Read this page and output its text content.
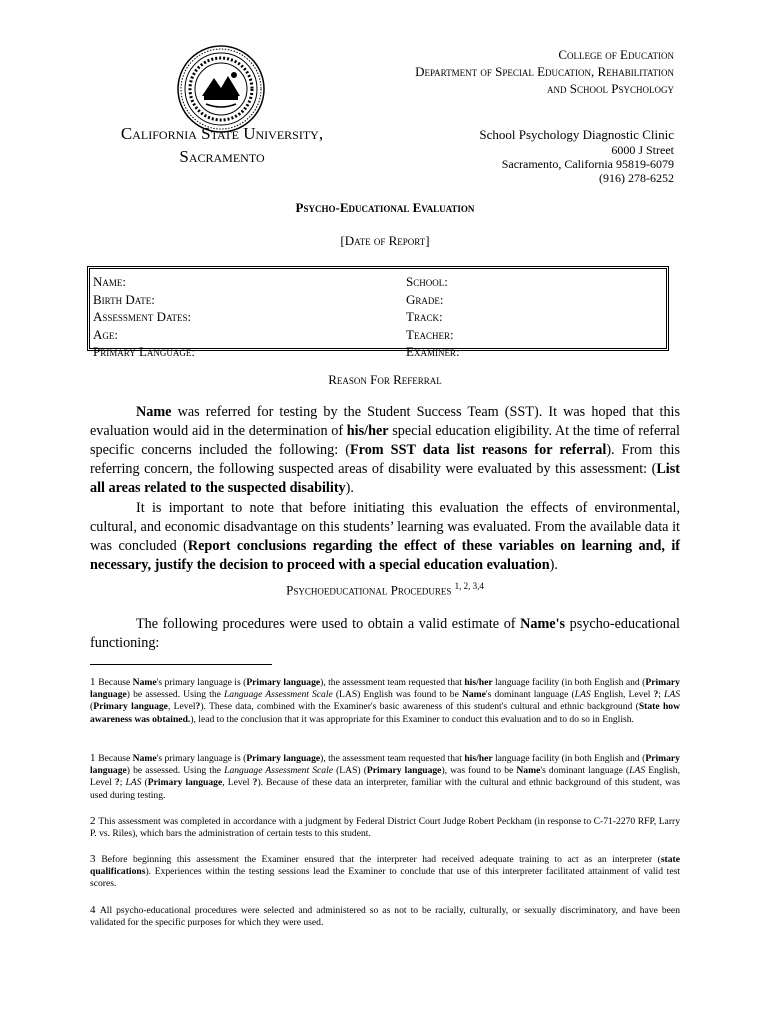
College of Education
Department of Special Education, Rehabilitation
and School Psychology
California State University,
Sacramento
School Psychology Diagnostic Clinic
6000 J Street
Sacramento, California 95819-6079
(916) 278-6252
Psycho-Educational Evaluation
[Date of Report]
Name:
Birth Date:
Assessment Dates:
Age:
Primary Language:
School:
Grade:
Track:
Teacher:
Examiner:
Reason For Referral
Name was referred for testing by the Student Success Team (SST). It was hoped that this evaluation would aid in the determination of his/her special education eligibility. At the time of referral specific concerns included the following: (From SST data list reasons for referral). From this referring concern, the following suspected areas of disability were evaluated by this assessment: (List all areas related to the suspected disability).
It is important to note that before initiating this evaluation the effects of environmental, cultural, and economic disadvantage on this students’ learning was evaluated. From the available data it was concluded (Report conclusions regarding the effect of these variables on learning and, if necessary, justify the decision to proceed with a special education evaluation).
Psychoeducational Procedures $^{1, 2, 3,4}$
The following procedures were used to obtain a valid estimate of Name's psycho-educational functioning:
1 Because Name's primary language is (Primary language), the assessment team requested that his/her language facility (in both English and (Primary language) be assessed. Using the Language Assessment Scale (LAS) English was found to be Name's dominant language (LAS English, Level ?; LAS (Primary language, Level?). These data, combined with the Examiner's basic awareness of this student's cultural and ethnic background (State how awareness was obtained.), lead to the conclusion that it was appropriate for this Examiner to conduct this evaluation and to do so in English.
1 Because Name's primary language is (Primary language), the assessment team requested that his/her language facility (in both English and (Primary language) be assessed. Using the Language Assessment Scale (LAS) (Primary language), was found to be Name's dominant language (LAS English, Level ?; LAS (Primary language, Level ?). Because of these data an interpreter, familiar with the cultural and ethnic background of this student, was used during testing.
2 This assessment was completed in accordance with a judgment by Federal District Court Judge Robert Peckham (in response to C-71-2270 RFP, Larry P. vs. Riles), which bars the administration of certain tests to this student.
3 Before beginning this assessment the Examiner ensured that the interpreter had received adequate training to act as an interpreter (state qualifications). Experiences within the testing sessions lead the Examiner to conclude that use of this interpreter facilitated attainment of valid test scores.
4 All psycho-educational procedures were selected and administered so as not to be racially, culturally, or sexually discriminatory, and have been validated for the specific purposes for which they were used.
